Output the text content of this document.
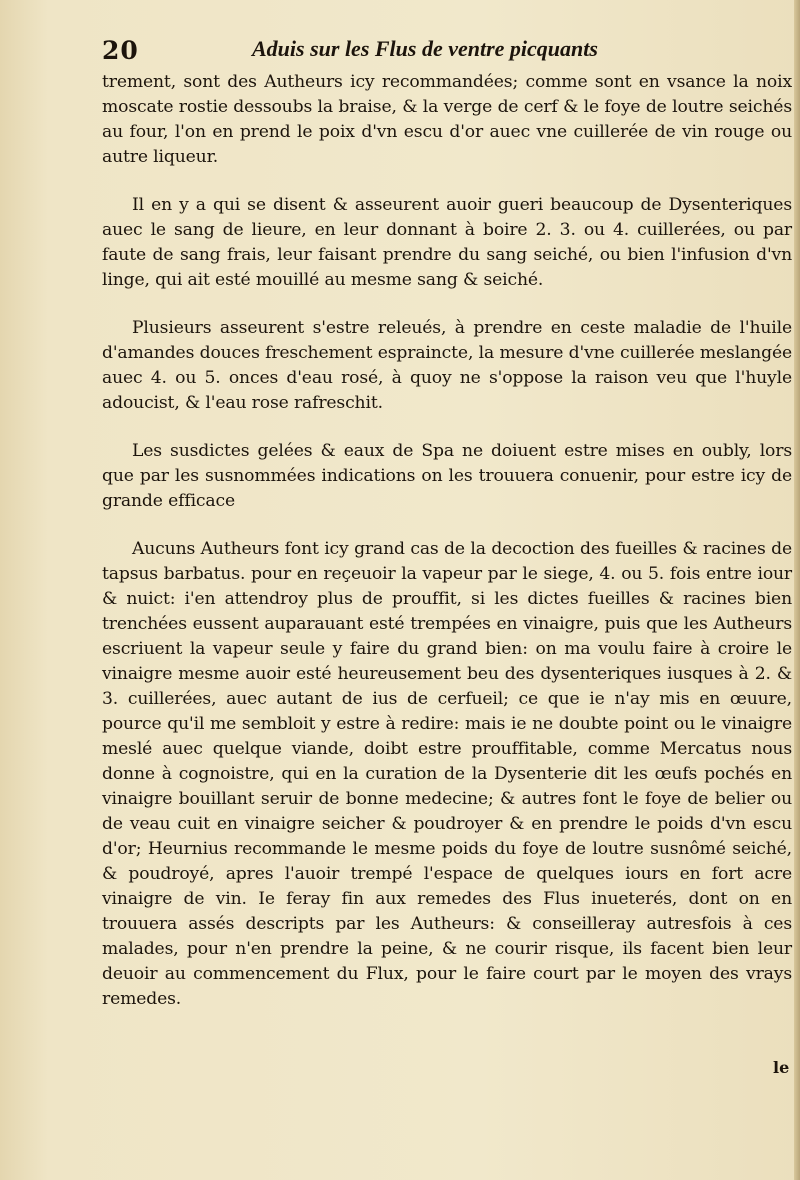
20	Aduis sur les Flus de ventre picquants

trement, sont des Autheurs icy recommandées; comme sont en vsance la noix moscate rostie dessoubs la braise, & la verge de cerf & le foye de loutre seichés au four, l'on en prend le poix d'vn escu d'or auec vne cuillerée de vin rouge ou autre liqueur.

Il en y a qui se disent & asseurent auoir gueri beaucoup de Dysenteriques auec le sang de lieure, en leur donnant à boire 2. 3. ou 4. cuillerées, ou par faute de sang frais, leur faisant prendre du sang seiché, ou bien l'infusion d'vn linge, qui ait esté mouillé au mesme sang & seiché.

Plusieurs asseurent s'estre releués, à prendre en ceste maladie de l'huile d'amandes douces freschement espraincte, la mesure d'vne cuillerée meslangée auec 4. ou 5. onces d'eau rosé, à quoy ne s'oppose la raison veu que l'huyle adoucist, & l'eau rose rafreschit.

Les susdictes gelées & eaux de Spa ne doiuent estre mises en oubly, lors que par les susnommées indications on les trouuera conuenir, pour estre icy de grande efficace

Aucuns Autheurs font icy grand cas de la decoction des fueilles & racines de tapsus barbatus. pour en reçeuoir la vapeur par le siege, 4. ou 5. fois entre iour & nuict: i'en attendroy plus de prouffit, si les dictes fueilles & racines bien trenchées eussent auparauant esté trempées en vinaigre, puis que les Autheurs escriuent la vapeur seule y faire du grand bien: on ma voulu faire à croire le vinaigre mesme auoir esté heureusement beu des dysenteriques iusques à 2. & 3. cuillerées, auec autant de ius de cerfueil; ce que ie n'ay mis en œuure, pource qu'il me sembloit y estre à redire: mais ie ne doubte point ou le vinaigre meslé auec quelque viande, doibt estre prouffitable, comme Mercatus nous donne à cognoistre, qui en la curation de la Dysenterie dit les œufs pochés en vinaigre bouillant seruir de bonne medecine; & autres font le foye de belier ou de veau cuit en vinaigre seicher & poudroyer & en prendre le poids d'vn escu d'or; Heurnius recommande le mesme poids du foye de loutre susnômé seiché, & poudroyé, apres l'auoir trempé l'espace de quelques iours en fort acre vinaigre de vin. Ie feray fin aux remedes des Flus inueterés, dont on en trouuera assés descripts par les Autheurs: & conseilleray autresfois à ces malades, pour n'en prendre la peine, & ne courir risque, ils facent bien leur deuoir au commencement du Flux, pour le faire court par le moyen des vrays remedes.

le
